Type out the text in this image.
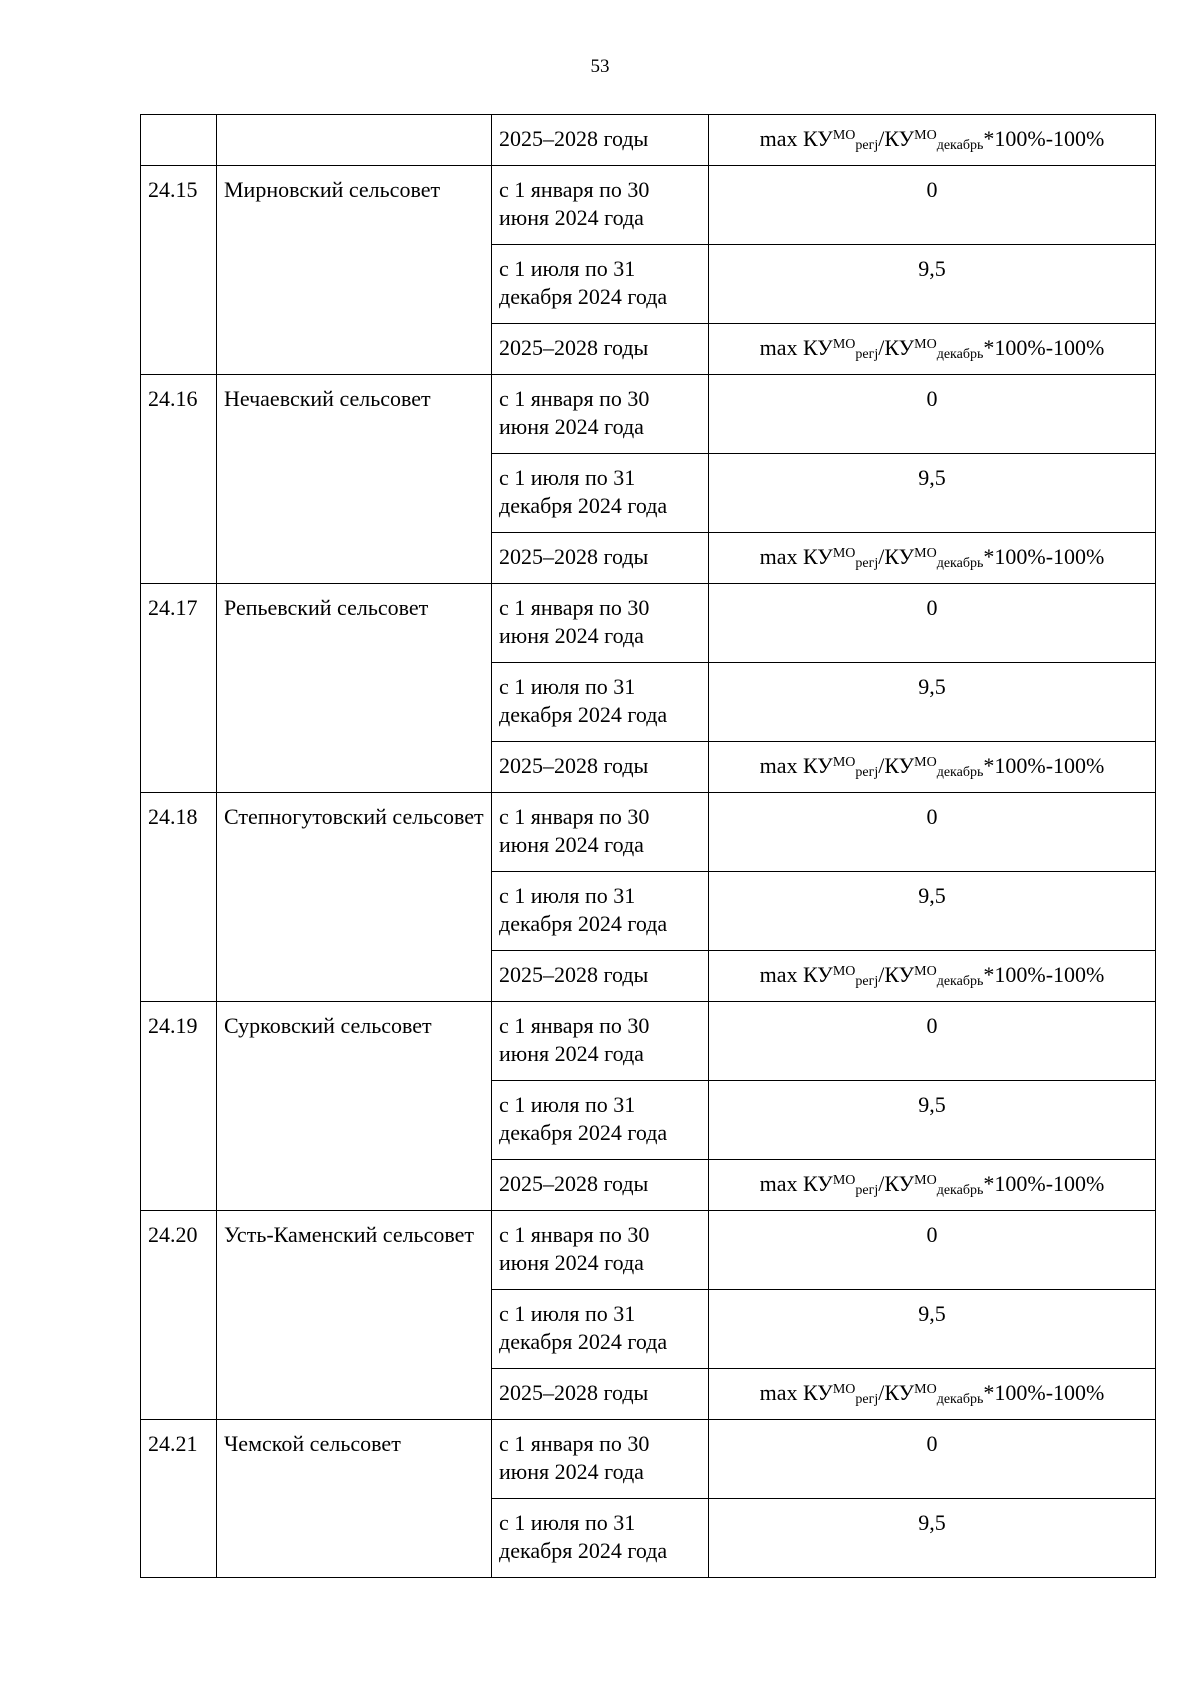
53
		2025–2028 годы	$\max КУ^{МО}_{регj}/КУ^{МО}_{декабрь}*100\%-100\%$
24.15	Мирновский сельсовет	с 1 января по 30 июня 2024 года	0
		с 1 июля по 31 декабря 2024 года	9,5
		2025–2028 годы	$\max КУ^{МО}_{регj}/КУ^{МО}_{декабрь}*100\%-100\%$
24.16	Нечаевский сельсовет	с 1 января по 30 июня 2024 года	0
		с 1 июля по 31 декабря 2024 года	9,5
		2025–2028 годы	$\max КУ^{МО}_{регj}/КУ^{МО}_{декабрь}*100\%-100\%$
24.17	Репьевский сельсовет	с 1 января по 30 июня 2024 года	0
		с 1 июля по 31 декабря 2024 года	9,5
		2025–2028 годы	$\max КУ^{МО}_{регj}/КУ^{МО}_{декабрь}*100\%-100\%$
24.18	Степногутовский сельсовет	с 1 января по 30 июня 2024 года	0
		с 1 июля по 31 декабря 2024 года	9,5
		2025–2028 годы	$\max КУ^{МО}_{регj}/КУ^{МО}_{декабрь}*100\%-100\%$
24.19	Сурковский сельсовет	с 1 января по 30 июня 2024 года	0
		с 1 июля по 31 декабря 2024 года	9,5
		2025–2028 годы	$\max КУ^{МО}_{регj}/КУ^{МО}_{декабрь}*100\%-100\%$
24.20	Усть-Каменский сельсовет	с 1 января по 30 июня 2024 года	0
		с 1 июля по 31 декабря 2024 года	9,5
		2025–2028 годы	$\max КУ^{МО}_{регj}/КУ^{МО}_{декабрь}*100\%-100\%$
24.21	Чемской сельсовет	с 1 января по 30 июня 2024 года	0
		с 1 июля по 31 декабря 2024 года	9,5
